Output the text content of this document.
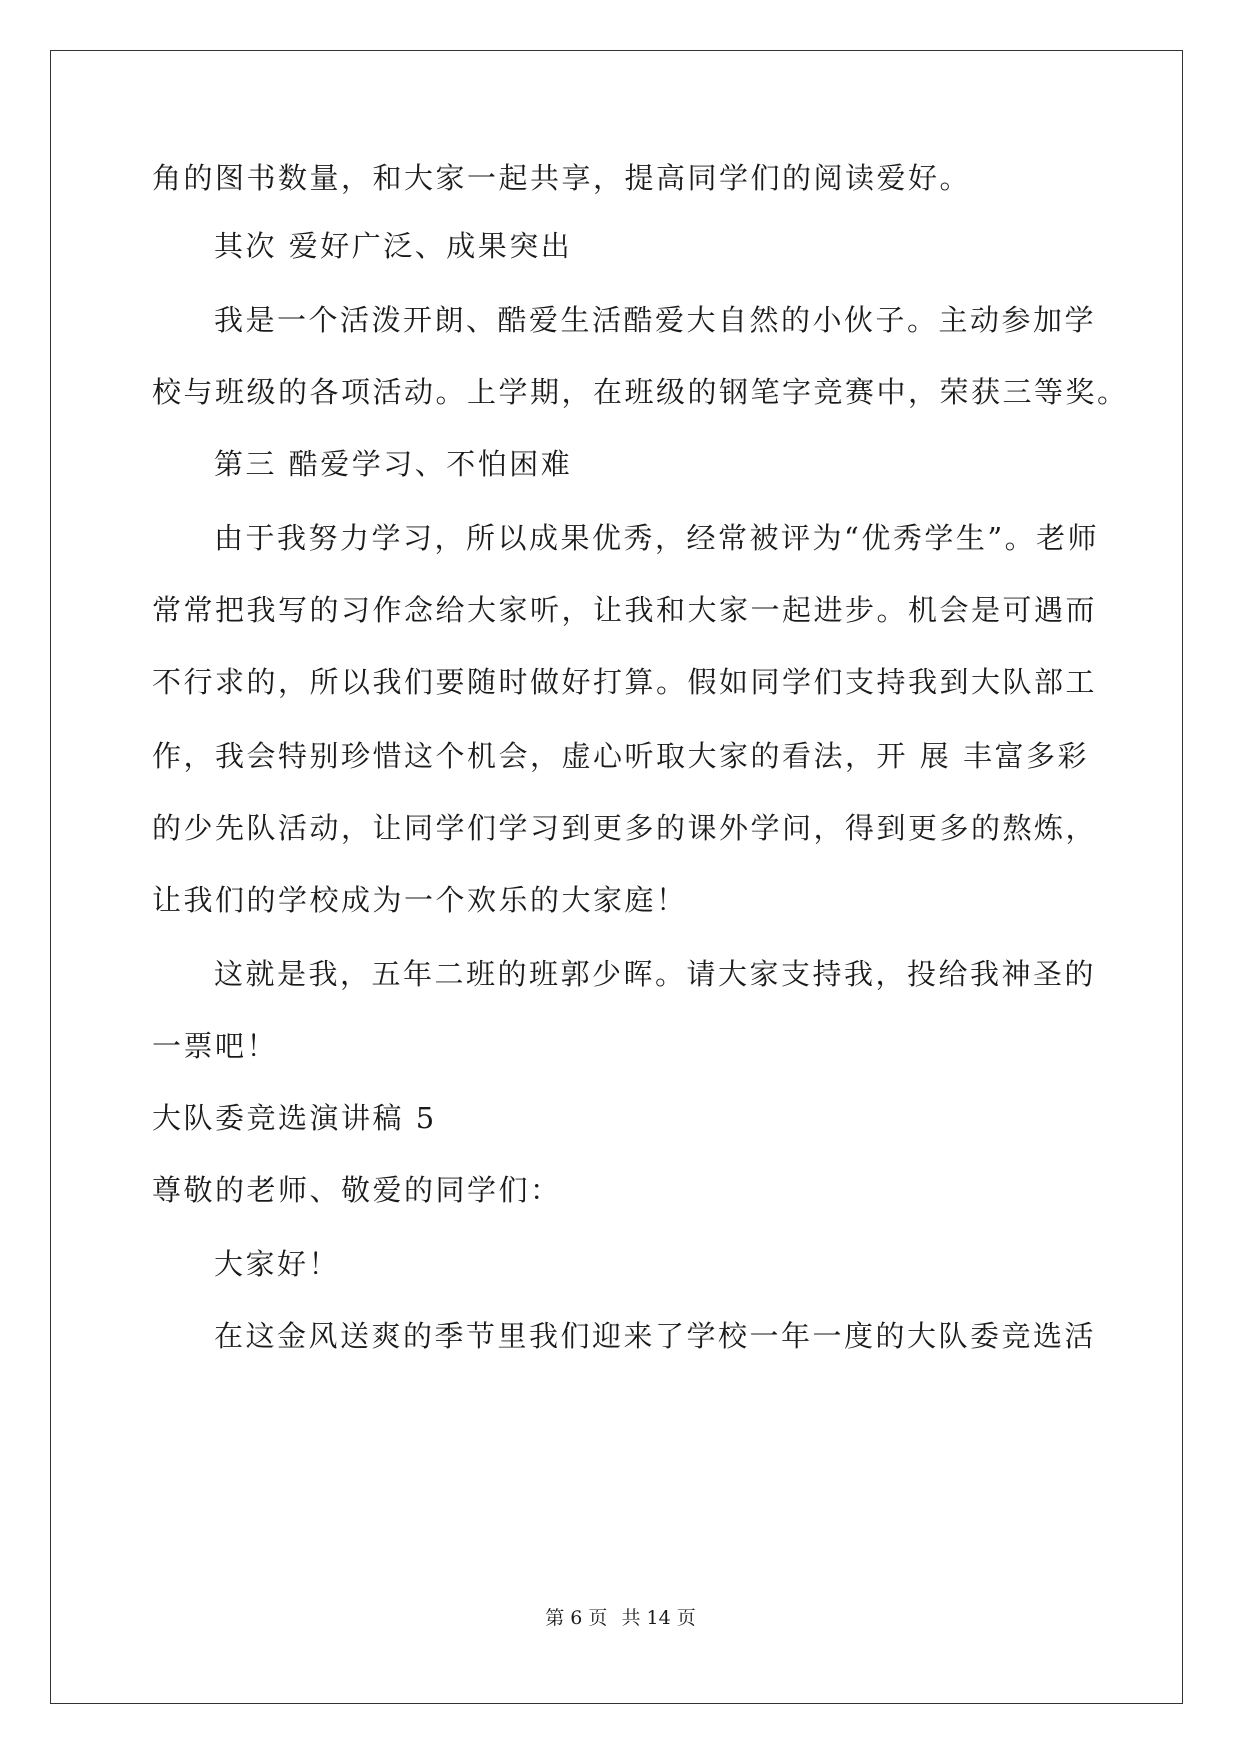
角的图书数量，和大家一起共享，提高同学们的阅读爱好。
其次 爱好广泛、成果突出
我是一个活泼开朗、酷爱生活酷爱大自然的小伙子。主动参加学
校与班级的各项活动。上学期，在班级的钢笔字竞赛中，荣获三等奖。
第三 酷爱学习、不怕困难
由于我努力学习，所以成果优秀，经常被评为“优秀学生”。老师
常常把我写的习作念给大家听，让我和大家一起进步。机会是可遇而
不行求的，所以我们要随时做好打算。假如同学们支持我到大队部工
作，我会特别珍惜这个机会，虚心听取大家的看法，开 展 丰富多彩
的少先队活动，让同学们学习到更多的课外学问，得到更多的熬炼，
让我们的学校成为一个欢乐的大家庭！
这就是我，五年二班的班郭少晖。请大家支持我，投给我神圣的
一票吧！
大队委竞选演讲稿 5
尊敬的老师、敬爱的同学们：
大家好！
在这金风送爽的季节里我们迎来了学校一年一度的大队委竞选活
第 6 页 共 14 页
